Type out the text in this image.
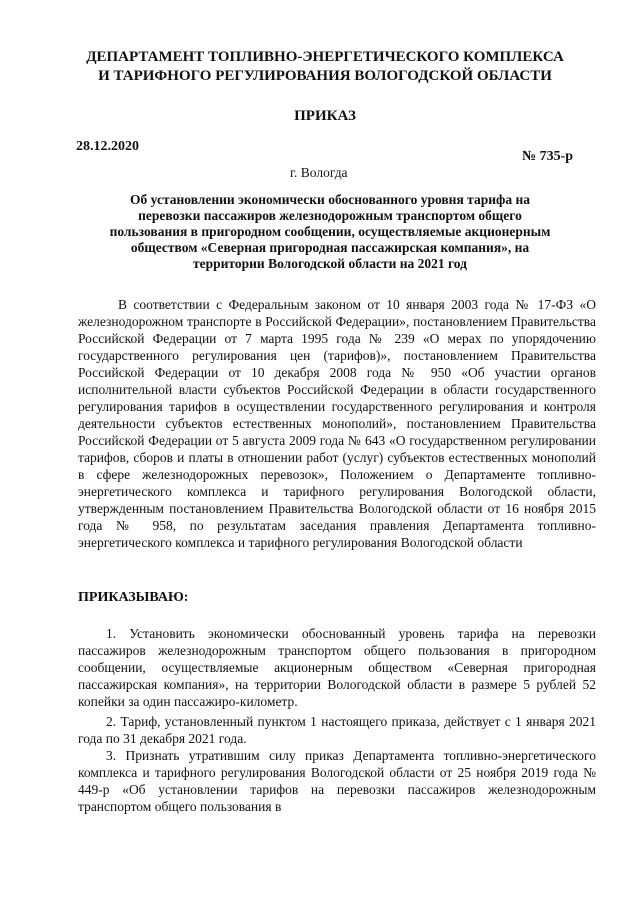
ДЕПАРТАМЕНТ ТОПЛИВНО-ЭНЕРГЕТИЧЕСКОГО КОМПЛЕКСА
И ТАРИФНОГО РЕГУЛИРОВАНИЯ ВОЛОГОДСКОЙ ОБЛАСТИ
ПРИКАЗ
28.12.2020
№ 735-р
г. Вологда
Об установлении экономически обоснованного уровня тарифа на перевозки пассажиров железнодорожным транспортом общего пользования в пригородном сообщении, осуществляемые акционерным обществом «Северная пригородная пассажирская компания», на территории Вологодской области на 2021 год

В соответствии с Федеральным законом от 10 января 2003 года № 17-ФЗ «О железнодорожном транспорте в Российской Федерации», постановлением Правительства Российской Федерации от 7 марта 1995 года № 239 «О мерах по упорядочению государственного регулирования цен (тарифов)», постановлением Правительства Российской Федерации от 10 декабря 2008 года № 950 «Об участии органов исполнительной власти субъектов Российской Федерации в области государственного регулирования тарифов в осуществлении государственного регулирования и контроля деятельности субъектов естественных монополий», постановлением Правительства Российской Федерации от 5 августа 2009 года № 643 «О государственном регулировании тарифов, сборов и платы в отношении работ (услуг) субъектов естественных монополий в сфере железнодорожных перевозок», Положением о Департаменте топливно-энергетического комплекса и тарифного регулирования Вологодской области, утвержденным постановлением Правительства Вологодской области от 16 ноября 2015 года № 958, по результатам заседания правления Департамента топливно-энергетического комплекса и тарифного регулирования Вологодской области

ПРИКАЗЫВАЮ:

1. Установить экономически обоснованный уровень тарифа на перевозки пассажиров железнодорожным транспортом общего пользования в пригородном сообщении, осуществляемые акционерным обществом «Северная пригородная пассажирская компания», на территории Вологодской области в размере 5 рублей 52 копейки за один пассажиро-километр.

2. Тариф, установленный пунктом 1 настоящего приказа, действует с 1 января 2021 года по 31 декабря 2021 года.

3. Признать утратившим силу приказ Департамента топливно-энергетического комплекса и тарифного регулирования Вологодской области от 25 ноября 2019 года № 449-р «Об установлении тарифов на перевозки пассажиров железнодорожным транспортом общего пользования в
